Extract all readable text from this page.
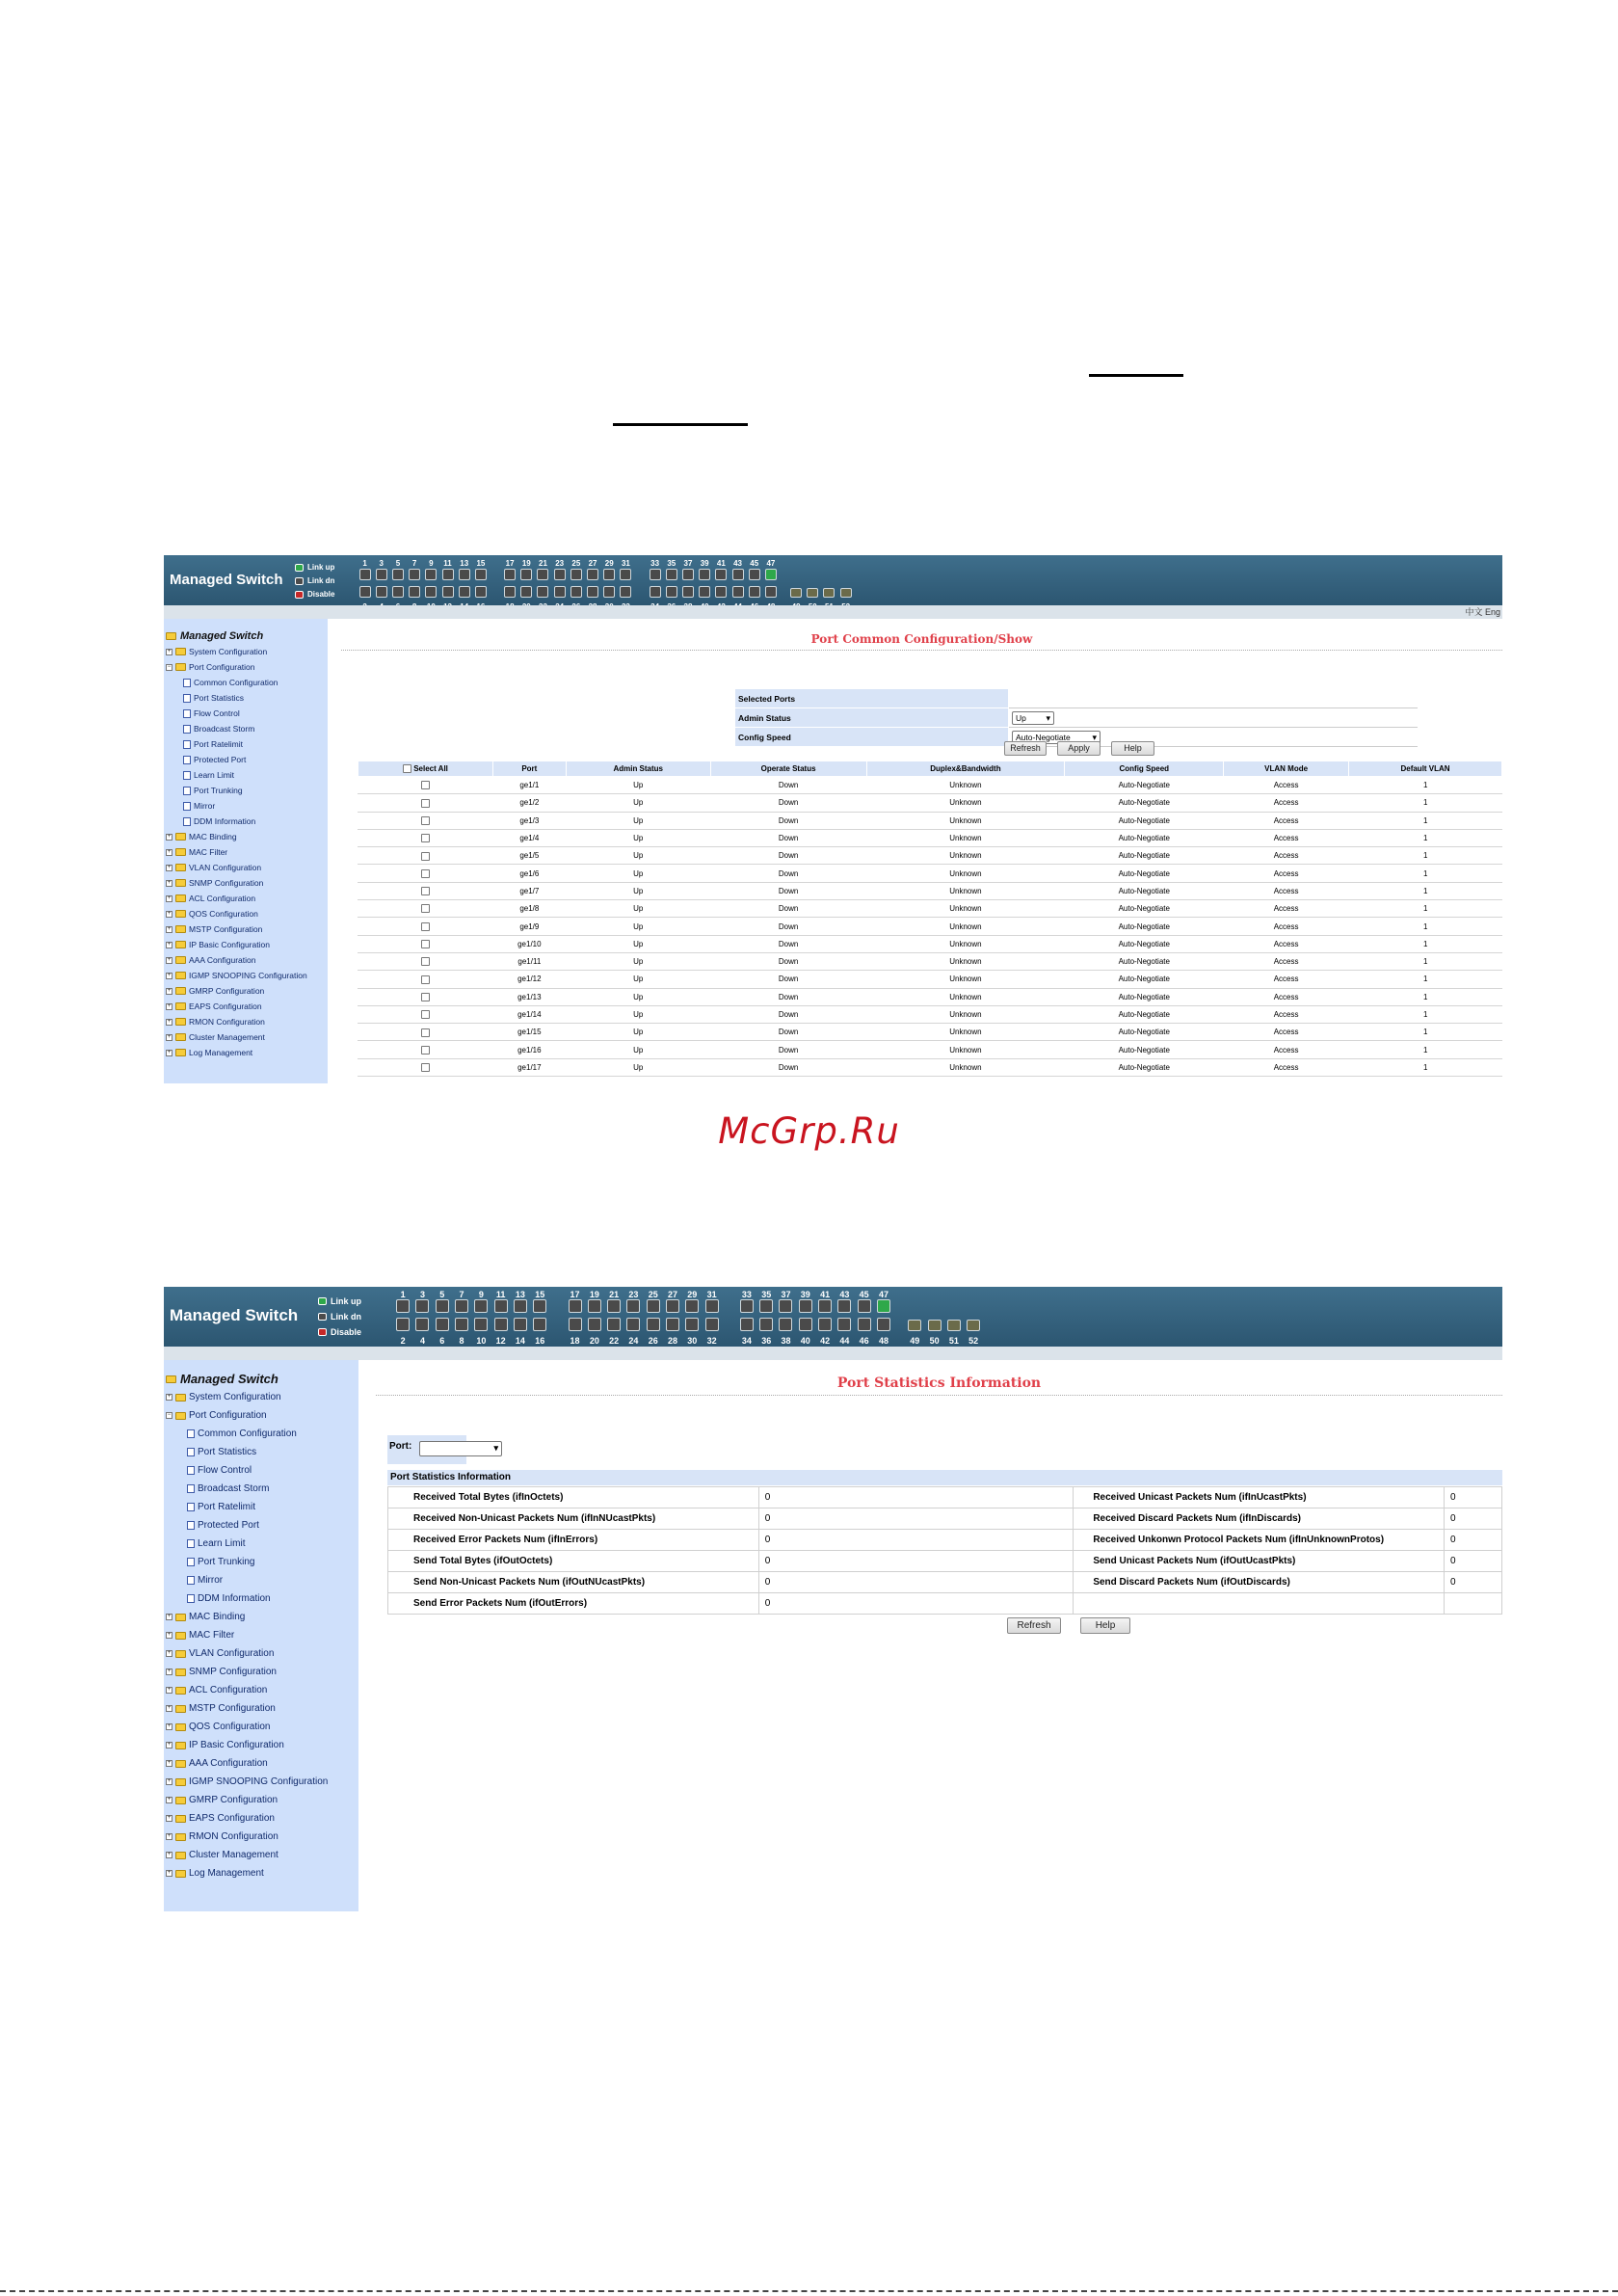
Managed Switch
Link up
Link dn
Disable
1	3	5	7	9	11	13	15	17	19	21	23	25	27	29	31	33	35	37	39	41	43	45	47
中文 Eng
Managed Switch
+ System Configuration
− Port Configuration
Common Configuration
Port Statistics
Flow Control
Broadcast Storm
Port Ratelimit
Protected Port
Learn Limit
Port Trunking
Mirror
DDM Information
+ MAC Binding
+ MAC Filter
+ VLAN Configuration
+ SNMP Configuration
+ ACL Configuration
+ QOS Configuration
+ MSTP Configuration
+ IP Basic Configuration
+ AAA Configuration
+ IGMP SNOOPING Configuration
+ GMRP Configuration
+ EAPS Configuration
+ RMON Configuration
+ Cluster Management
+ Log Management
Port Common Configuration/Show
Selected Ports	
Admin Status	Up ▾
Config Speed	Auto-Negotiate ▾
Refresh	Apply	Help
Select All	Port	Admin Status	Operate Status	Duplex&Bandwidth	Config Speed	VLAN Mode	Default VLAN
	ge1/1	Up	Down	Unknown	Auto-Negotiate	Access	1
	ge1/2	Up	Down	Unknown	Auto-Negotiate	Access	1
	ge1/3	Up	Down	Unknown	Auto-Negotiate	Access	1
	ge1/4	Up	Down	Unknown	Auto-Negotiate	Access	1
	ge1/5	Up	Down	Unknown	Auto-Negotiate	Access	1
	ge1/6	Up	Down	Unknown	Auto-Negotiate	Access	1
	ge1/7	Up	Down	Unknown	Auto-Negotiate	Access	1
	ge1/8	Up	Down	Unknown	Auto-Negotiate	Access	1
	ge1/9	Up	Down	Unknown	Auto-Negotiate	Access	1
	ge1/10	Up	Down	Unknown	Auto-Negotiate	Access	1
	ge1/11	Up	Down	Unknown	Auto-Negotiate	Access	1
	ge1/12	Up	Down	Unknown	Auto-Negotiate	Access	1
	ge1/13	Up	Down	Unknown	Auto-Negotiate	Access	1
	ge1/14	Up	Down	Unknown	Auto-Negotiate	Access	1
	ge1/15	Up	Down	Unknown	Auto-Negotiate	Access	1
	ge1/16	Up	Down	Unknown	Auto-Negotiate	Access	1
	ge1/17	Up	Down	Unknown	Auto-Negotiate	Access	1
McGrp.Ru
Managed Switch
Link up
Link dn
Disable
1	3	5	7	9	11	13	15	17	19	21	23	25	27	29	31	33	35	37	39	41	43	45	47
2	4	6	8	10	12	14	16	18	20	22	24	26	28	30	32	34	36	38	40	42	44	46	48	49	50	51	52
Managed Switch
+ System Configuration
− Port Configuration
Common Configuration
Port Statistics
Flow Control
Broadcast Storm
Port Ratelimit
Protected Port
Learn Limit
Port Trunking
Mirror
DDM Information
+ MAC Binding
+ MAC Filter
+ VLAN Configuration
+ SNMP Configuration
+ ACL Configuration
+ MSTP Configuration
+ QOS Configuration
+ IP Basic Configuration
+ AAA Configuration
+ IGMP SNOOPING Configuration
+ GMRP Configuration
+ EAPS Configuration
+ RMON Configuration
+ Cluster Management
+ Log Management
Port Statistics Information
Port:
▾
Port Statistics Information
Received Total Bytes (ifInOctets)	0	Received Unicast Packets Num (ifInUcastPkts)	0
Received Non-Unicast Packets Num (ifInNUcastPkts)	0	Received Discard Packets Num (ifInDiscards)	0
Received Error Packets Num (ifInErrors)	0	Received Unkonwn Protocol Packets Num (ifInUnknownProtos)	0
Send Total Bytes (ifOutOctets)	0	Send Unicast Packets Num (ifOutUcastPkts)	0
Send Non-Unicast Packets Num (ifOutNUcastPkts)	0	Send Discard Packets Num (ifOutDiscards)	0
Send Error Packets Num (ifOutErrors)	0		
Refresh	Help
